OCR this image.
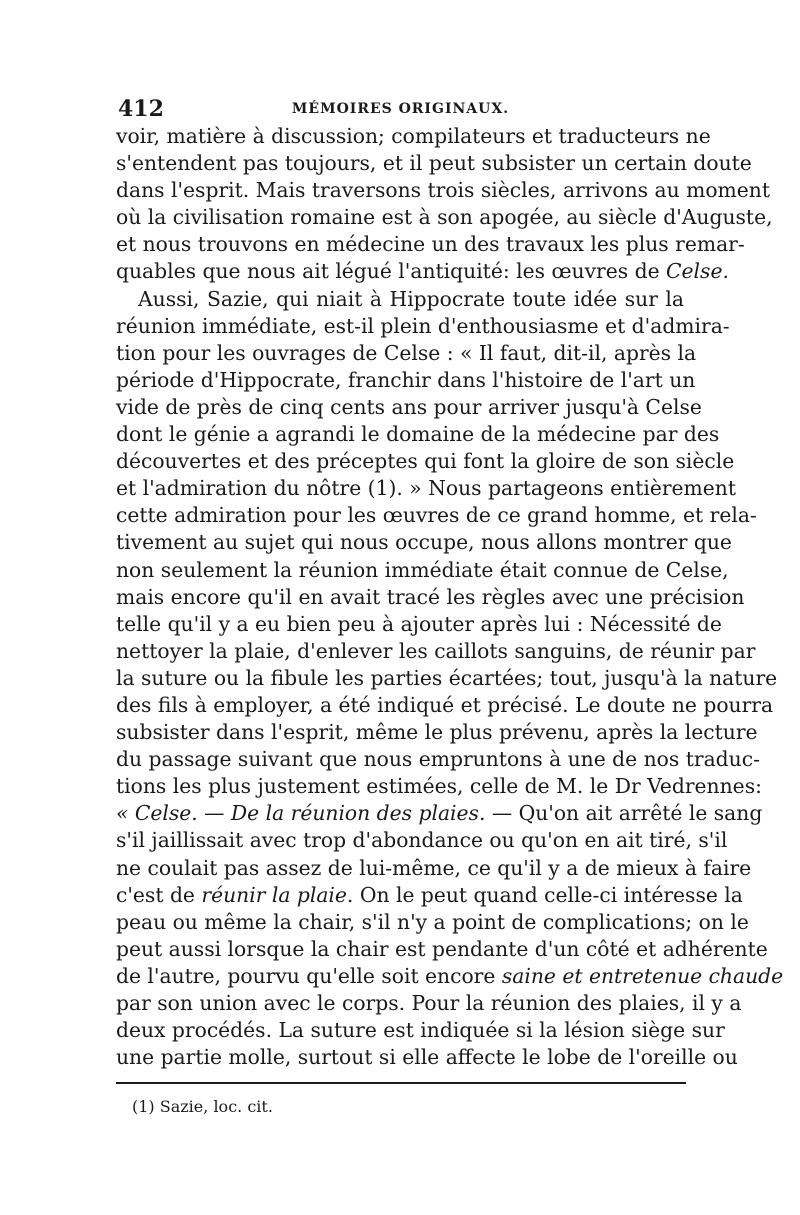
412	MÉMOIRES ORIGINAUX.
voir, matière à discussion; compilateurs et traducteurs ne
s'entendent pas toujours, et il peut subsister un certain doute
dans l'esprit. Mais traversons trois siècles, arrivons au moment
où la civilisation romaine est à son apogée, au siècle d'Auguste,
et nous trouvons en médecine un des travaux les plus remar-
quables que nous ait légué l'antiquité: les œuvres de Celse.
Aussi, Sazie, qui niait à Hippocrate toute idée sur la
réunion immédiate, est-il plein d'enthousiasme et d'admira-
tion pour les ouvrages de Celse : « Il faut, dit-il, après la
période d'Hippocrate, franchir dans l'histoire de l'art un
vide de près de cinq cents ans pour arriver jusqu'à Celse
dont le génie a agrandi le domaine de la médecine par des
découvertes et des préceptes qui font la gloire de son siècle
et l'admiration du nôtre (1). » Nous partageons entièrement
cette admiration pour les œuvres de ce grand homme, et rela-
tivement au sujet qui nous occupe, nous allons montrer que
non seulement la réunion immédiate était connue de Celse,
mais encore qu'il en avait tracé les règles avec une précision
telle qu'il y a eu bien peu à ajouter après lui : Nécessité de
nettoyer la plaie, d'enlever les caillots sanguins, de réunir par
la suture ou la fibule les parties écartées; tout, jusqu'à la nature
des fils à employer, a été indiqué et précisé. Le doute ne pourra
subsister dans l'esprit, même le plus prévenu, après la lecture
du passage suivant que nous empruntons à une de nos traduc-
tions les plus justement estimées, celle de M. le Dr Vedrennes:
« Celse. — De la réunion des plaies. — Qu'on ait arrêté le sang
s'il jaillissait avec trop d'abondance ou qu'on en ait tiré, s'il
ne coulait pas assez de lui-même, ce qu'il y a de mieux à faire
c'est de réunir la plaie. On le peut quand celle-ci intéresse la
peau ou même la chair, s'il n'y a point de complications; on le
peut aussi lorsque la chair est pendante d'un côté et adhérente
de l'autre, pourvu qu'elle soit encore saine et entretenue chaude
par son union avec le corps. Pour la réunion des plaies, il y a
deux procédés. La suture est indiquée si la lésion siège sur
une partie molle, surtout si elle affecte le lobe de l'oreille ou
(1) Sazie, loc. cit.
